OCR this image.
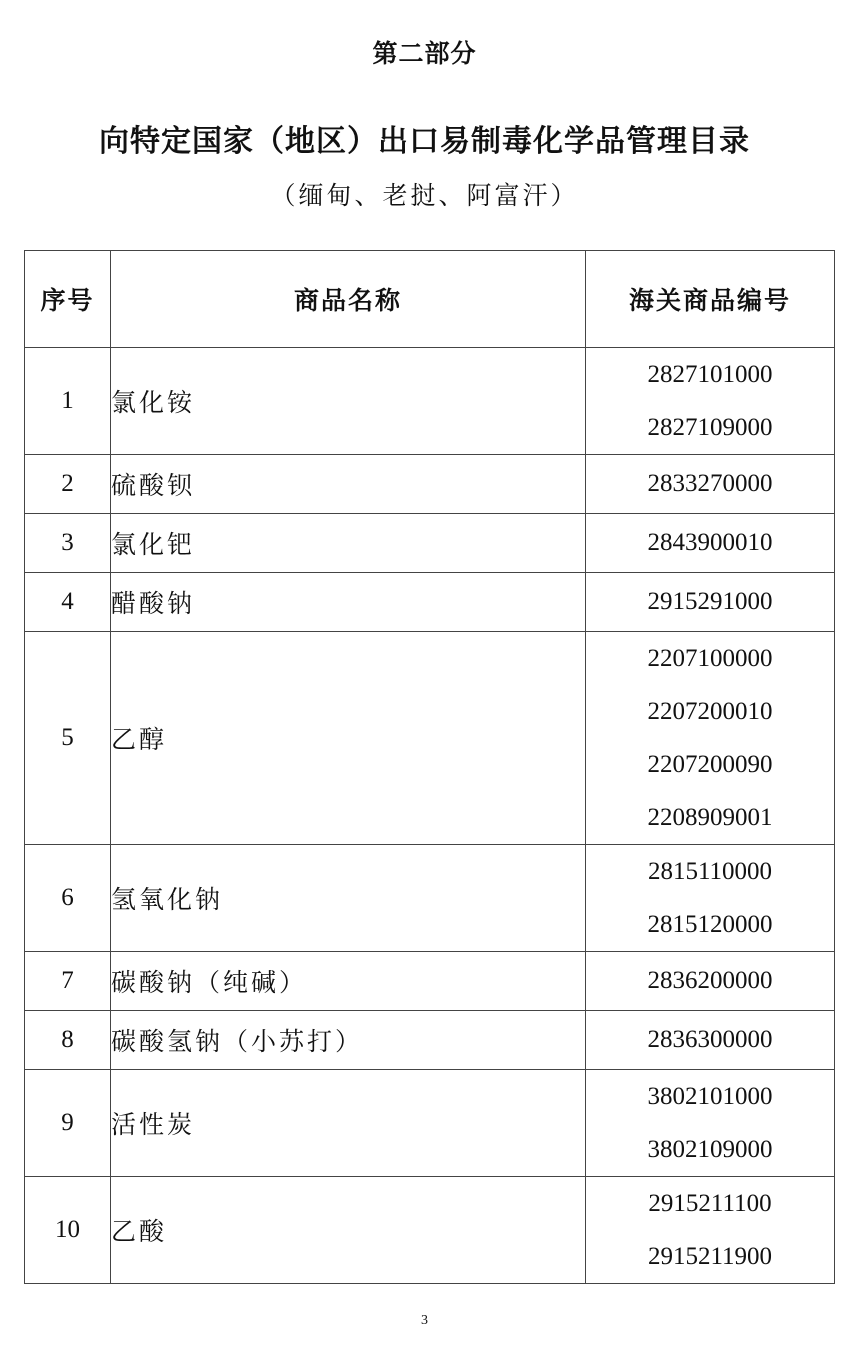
第二部分
向特定国家（地区）出口易制毒化学品管理目录
（缅甸、老挝、阿富汗）
序号	商品名称	海关商品编号
1	氯化铵	2827101000
2827109000

2	硫酸钡	2833270000

3	氯化钯	2843900010

4	醋酸钠	2915291000

5	乙醇	2207100000
2207200010
2207200090
2208909001

6	氢氧化钠	2815110000
2815120000

7	碳酸钠（纯碱）	2836200000

8	碳酸氢钠（小苏打）	2836300000

9	活性炭	3802101000
3802109000

10	乙酸	2915211100
2915211900
3
